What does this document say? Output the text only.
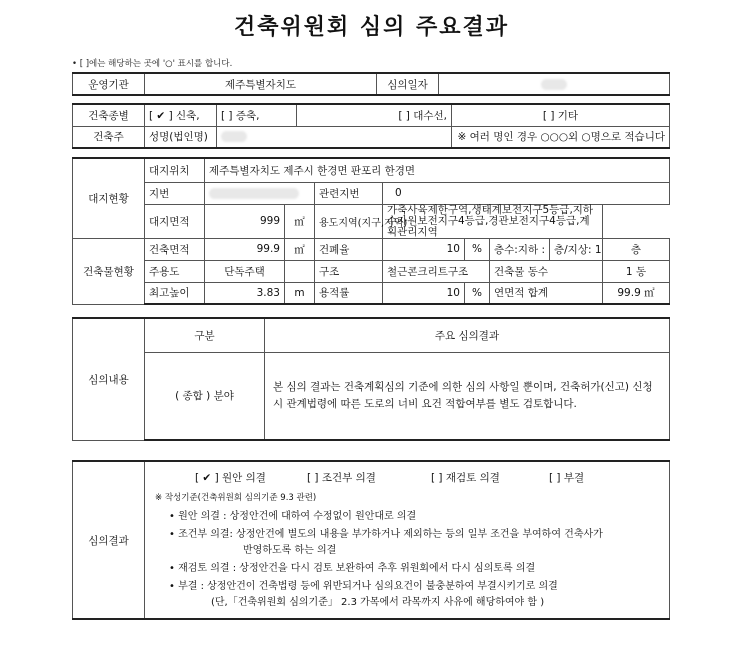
건축위원회 심의 주요결과
• [ ]에는 해당하는 곳에 '○' 표시를 합니다.
운영기관	제주특별자치도	심의일자	
건축종별	[ ✔ ] 신축,	[ ] 증축,	[ ] 대수선,	[ ] 기타
건축주	성명(법인명)			※ 여러 명인 경우 ○○○외 ○명으로 적습니다
대지현황	대지위치	제주특별자치도 제주시 한경면 판포리 한경면							
	지번			관련지번	0				
	대지면적	999	㎡	용도지역(지구,지역)	가축사육제한구역,생태계보전지구5등급,지하수자원보전지구4등급,경관보전지구4등급,계획관리지역				
건축물현황	건축면적	99.9	㎡	건폐율	10	%	층수:지하 :	층/지상: 1	층
	주용도	단독주택		구조	철근콘크리트구조		건축물 동수		1 동
	최고높이	3.83	m	용적률	10	%	연면적 합계		99.9 ㎡
심의내용	구분	주요 심의결과
	( 종합 ) 분야	본 심의 결과는 건축계획심의 기준에 의한 심의 사항일 뿐이며, 건축허가(신고) 신청 시 관계법령에 따른 도로의 너비 요건 적합여부를 별도 검토합니다.
심의결과	
[ ✔ ] 원안 의결	[ ] 조건부 의결	[ ] 재검토 의결	[ ] 부결
※ 작성기준(건축위원회 심의기준 9.3 관련)
• 원안 의결 : 상정안건에 대하여 수정없이 원안대로 의결
• 조건부 의결: 상정안건에 별도의 내용을 부가하거나 제외하는 등의 일부 조건을 부여하여 건축사가
반영하도록 하는 의결
• 재검토 의결 : 상정안건을 다시 검토 보완하여 추후 위원회에서 다시 심의토록 의결
• 부결 : 상정안건이 건축법령 등에 위반되거나 심의요건이 불충분하여 부결시키기로 의결
(단,「건축위원회 심의기준」 2.3 가목에서 라목까지 사유에 해당하여야 함 )
